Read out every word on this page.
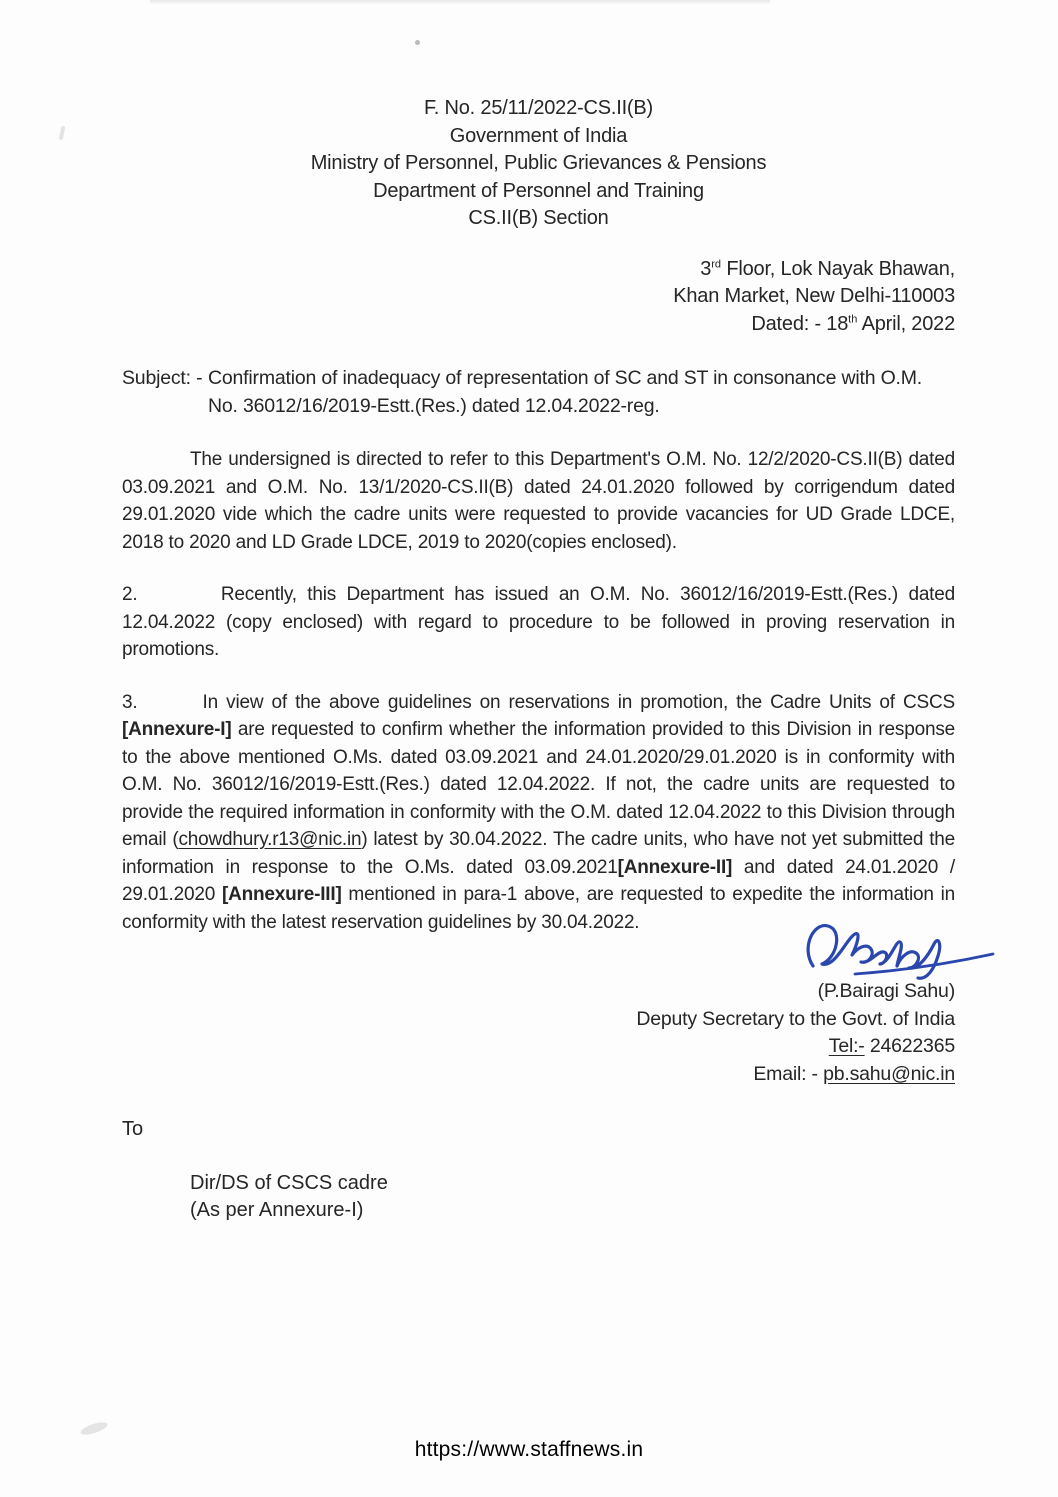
F. No. 25/11/2022-CS.II(B)
Government of India
Ministry of Personnel, Public Grievances & Pensions
Department of Personnel and Training
CS.II(B) Section
3rd Floor, Lok Nayak Bhawan,
Khan Market, New Delhi-110003
Dated: - 18th April, 2022
Subject: - Confirmation of inadequacy of representation of SC and ST in consonance with O.M. No. 36012/16/2019-Estt.(Res.) dated 12.04.2022-reg.

The undersigned is directed to refer to this Department's O.M. No. 12/2/2020-CS.II(B) dated 03.09.2021 and O.M. No. 13/1/2020-CS.II(B) dated 24.01.2020 followed by corrigendum dated 29.01.2020 vide which the cadre units were requested to provide vacancies for UD Grade LDCE, 2018 to 2020 and LD Grade LDCE, 2019 to 2020(copies enclosed).

2.        Recently, this Department has issued an O.M. No. 36012/16/2019-Estt.(Res.) dated 12.04.2022 (copy enclosed) with regard to procedure to be followed in proving reservation in promotions.

3.        In view of the above guidelines on reservations in promotion, the Cadre Units of CSCS [Annexure-I] are requested to confirm whether the information provided to this Division in response to the above mentioned O.Ms. dated 03.09.2021 and 24.01.2020/29.01.2020 is in conformity with O.M. No. 36012/16/2019-Estt.(Res.) dated 12.04.2022. If not, the cadre units are requested to provide the required information in conformity with the O.M. dated 12.04.2022 to this Division through email (chowdhury.r13@nic.in) latest by 30.04.2022. The cadre units, who have not yet submitted the information in response to the O.Ms. dated 03.09.2021[Annexure-II] and dated 24.01.2020 / 29.01.2020 [Annexure-III] mentioned in para-1 above, are requested to expedite the information in conformity with the latest reservation guidelines by 30.04.2022.

(P.Bairagi Sahu)
Deputy Secretary to the Govt. of India
Tel:- 24622365
Email: - pb.sahu@nic.in
To
Dir/DS of CSCS cadre
(As per Annexure-I)
https://www.staffnews.in
